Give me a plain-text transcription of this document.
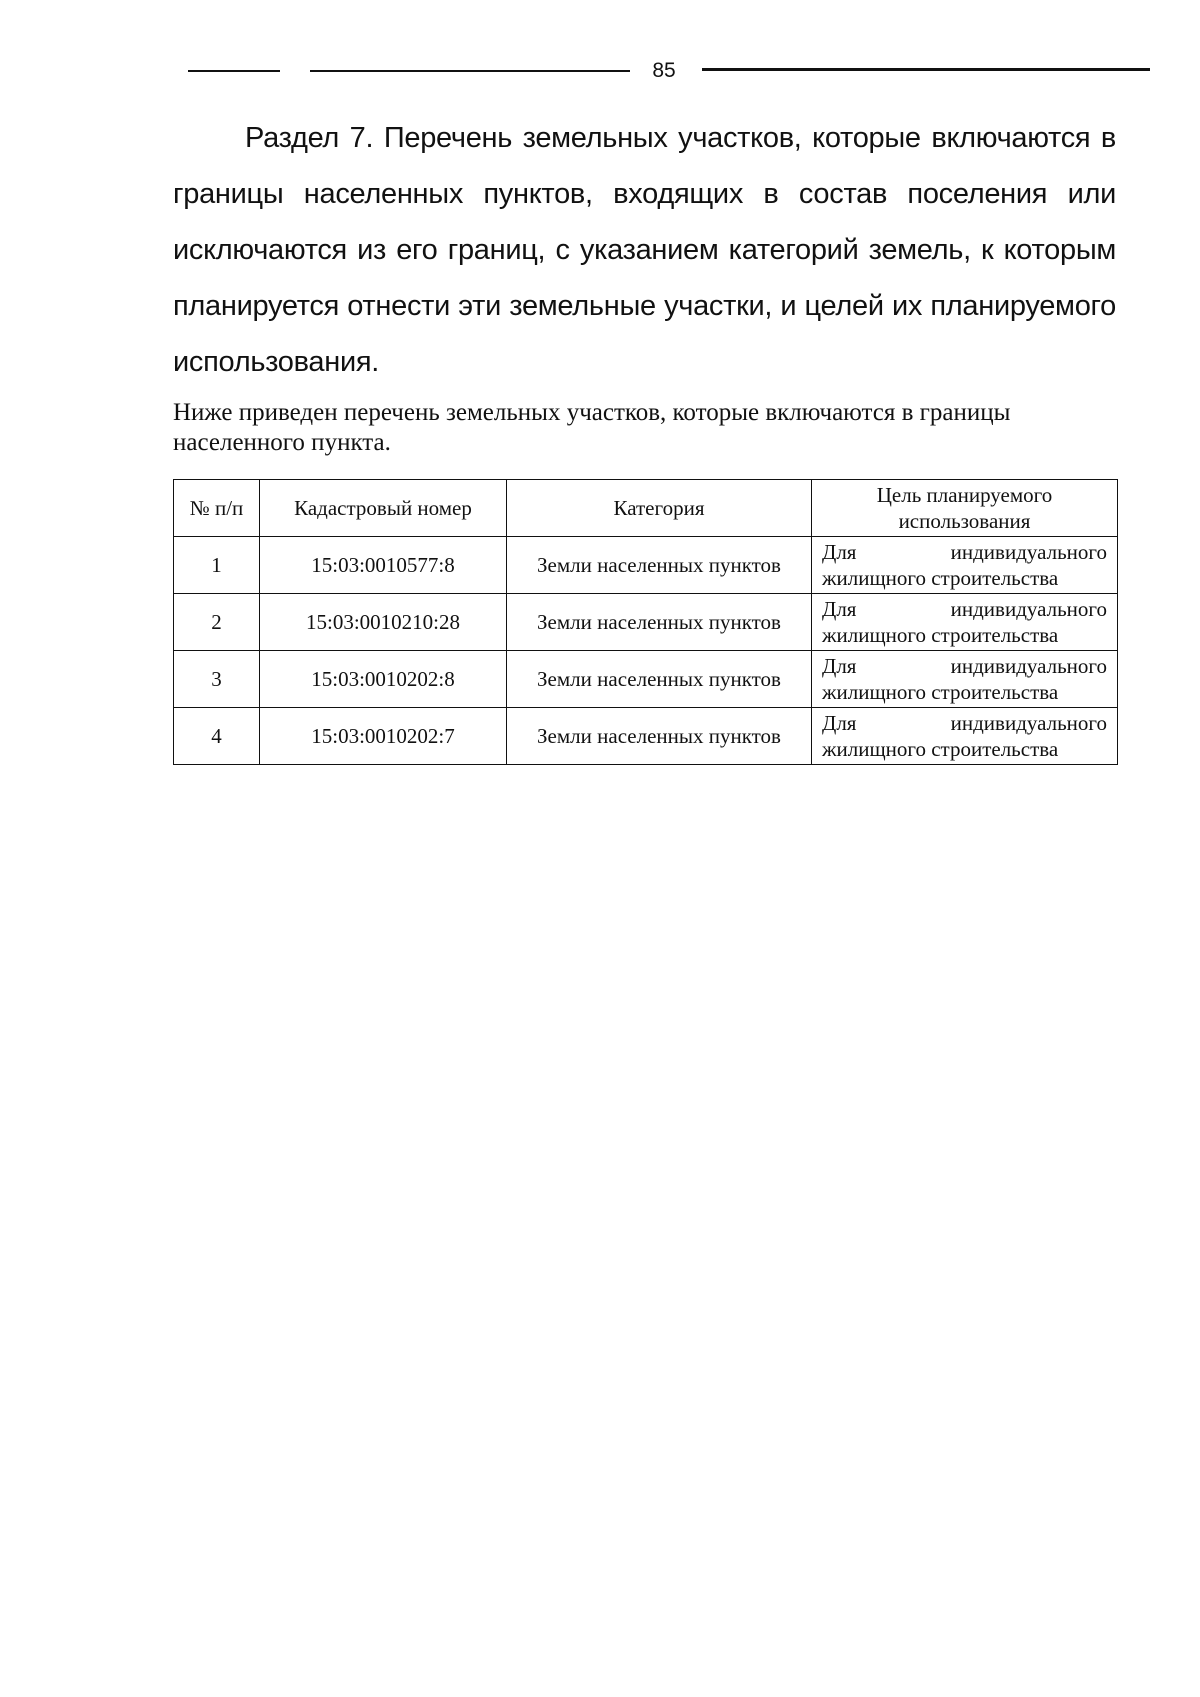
85
Раздел 7. Перечень земельных участков, которые включаются в границы населенных пунктов, входящих в состав поселения или исключаются из его границ, с указанием категорий земель, к которым планируется отнести эти земельные участки, и целей их планируемого использования.

Ниже приведен перечень земельных участков, которые включаются в границы населенного пункта.

№ п/п	Кадастровый номер	Категория	Цель планируемого использования
1	15:03:0010577:8	Земли населенных пунктов	Для индивидуального
жилищного строительства

2	15:03:0010210:28	Земли населенных пунктов	Для индивидуального
жилищного строительства

3	15:03:0010202:8	Земли населенных пунктов	Для индивидуального
жилищного строительства

4	15:03:0010202:7	Земли населенных пунктов	Для индивидуального
жилищного строительства
